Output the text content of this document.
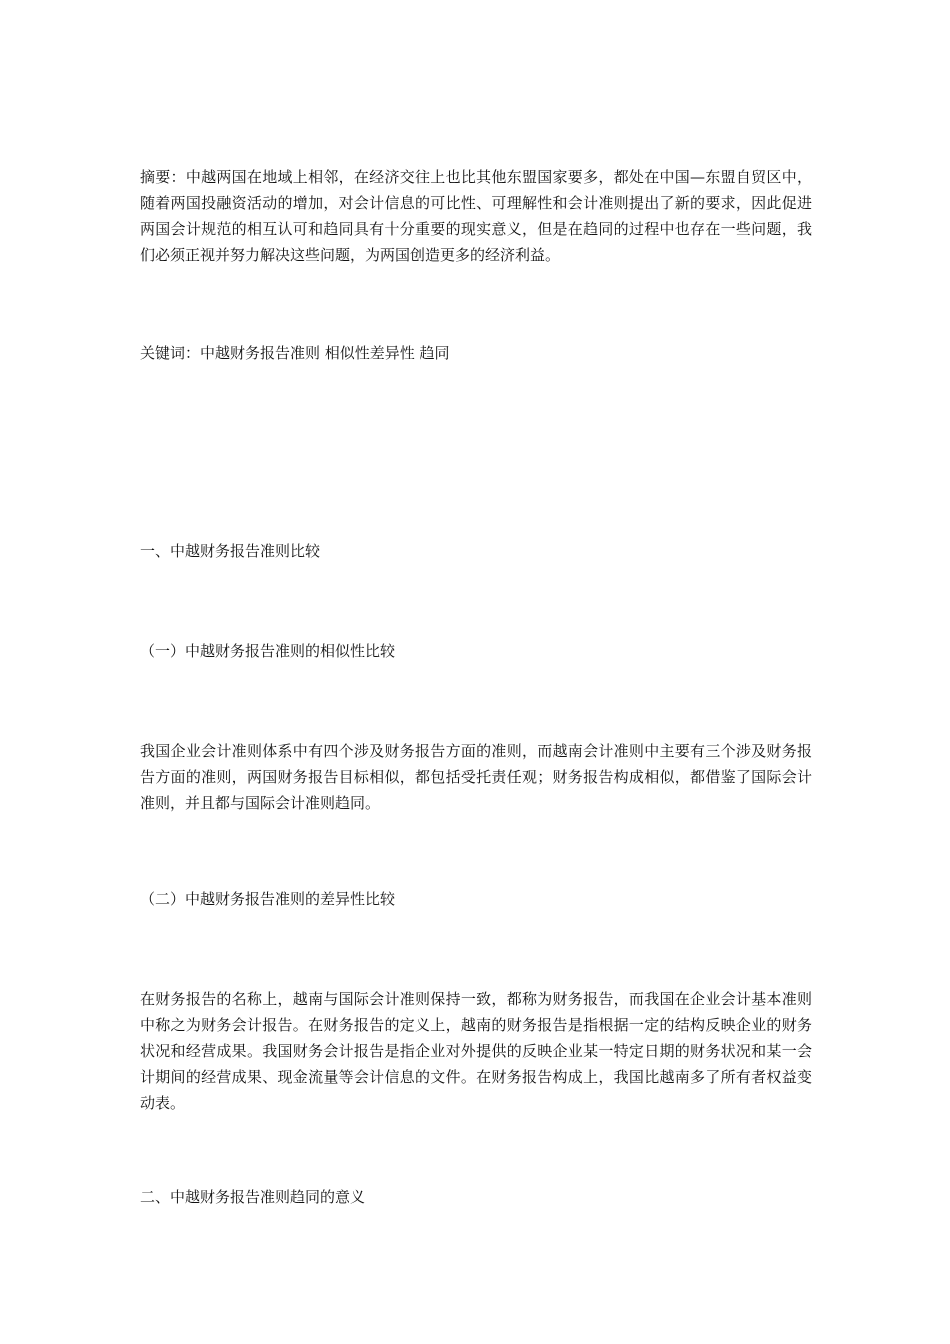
摘要：中越两国在地域上相邻，在经济交往上也比其他东盟国家要多，都处在中国—东盟自贸区中，随着两国投融资活动的增加，对会计信息的可比性、可理解性和会计准则提出了新的要求，因此促进两国会计规范的相互认可和趋同具有十分重要的现实意义，但是在趋同的过程中也存在一些问题，我们必须正视并努力解决这些问题，为两国创造更多的经济利益。

关键词：中越财务报告准则 相似性差异性 趋同

一、中越财务报告准则比较

（一）中越财务报告准则的相似性比较

我国企业会计准则体系中有四个涉及财务报告方面的准则，而越南会计准则中主要有三个涉及财务报告方面的准则，两国财务报告目标相似，都包括受托责任观；财务报告构成相似，都借鉴了国际会计准则，并且都与国际会计准则趋同。

（二）中越财务报告准则的差异性比较

在财务报告的名称上，越南与国际会计准则保持一致，都称为财务报告，而我国在企业会计基本准则中称之为财务会计报告。在财务报告的定义上，越南的财务报告是指根据一定的结构反映企业的财务状况和经营成果。我国财务会计报告是指企业对外提供的反映企业某一特定日期的财务状况和某一会计期间的经营成果、现金流量等会计信息的文件。在财务报告构成上，我国比越南多了所有者权益变动表。

二、中越财务报告准则趋同的意义
